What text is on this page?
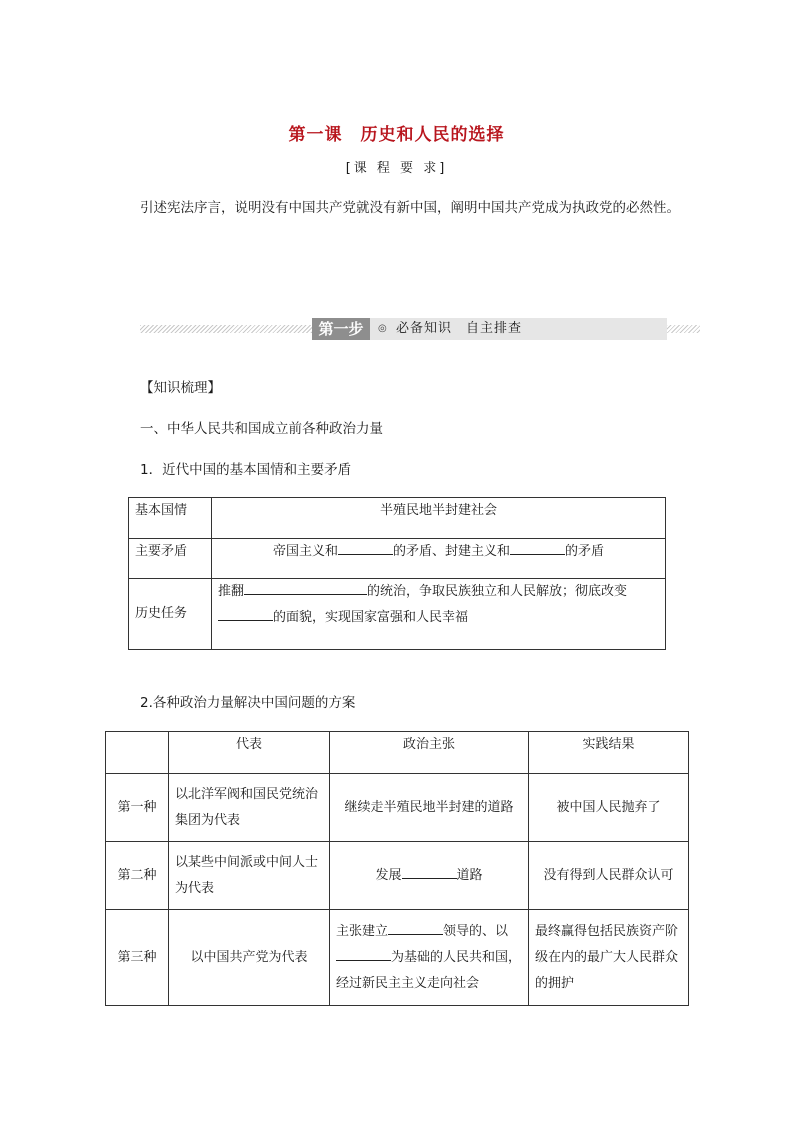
第一课　历史和人民的选择
[课 程 要 求]
引述宪法序言，说明没有中国共产党就没有新中国，阐明中国共产党成为执政党的必然性。
第一步	◎ 必备知识　自主排查
【知识梳理】
一、中华人民共和国成立前各种政治力量
1．近代中国的基本国情和主要矛盾
基本国情	半殖民地半封建社会
主要矛盾	帝国主义和 的矛盾、封建主义和 的矛盾
历史任务	推翻 的统治，争取民族独立和人民解放；彻底改变
的面貌，实现国家富强和人民幸福
2.各种政治力量解决中国问题的方案
	代表	政治主张	实践结果
第一种	以北洋军阀和国民党统治集团为代表	继续走半殖民地半封建的道路	被中国人民抛弃了
第二种	以某些中间派或中间人士为代表	发展 道路	没有得到人民群众认可
第三种	以中国共产党为代表	主张建立 领导的、以
为基础的人民共和国，经过新民主主义走向社会	最终赢得包括民族资产阶级在内的最广大人民群众的拥护
